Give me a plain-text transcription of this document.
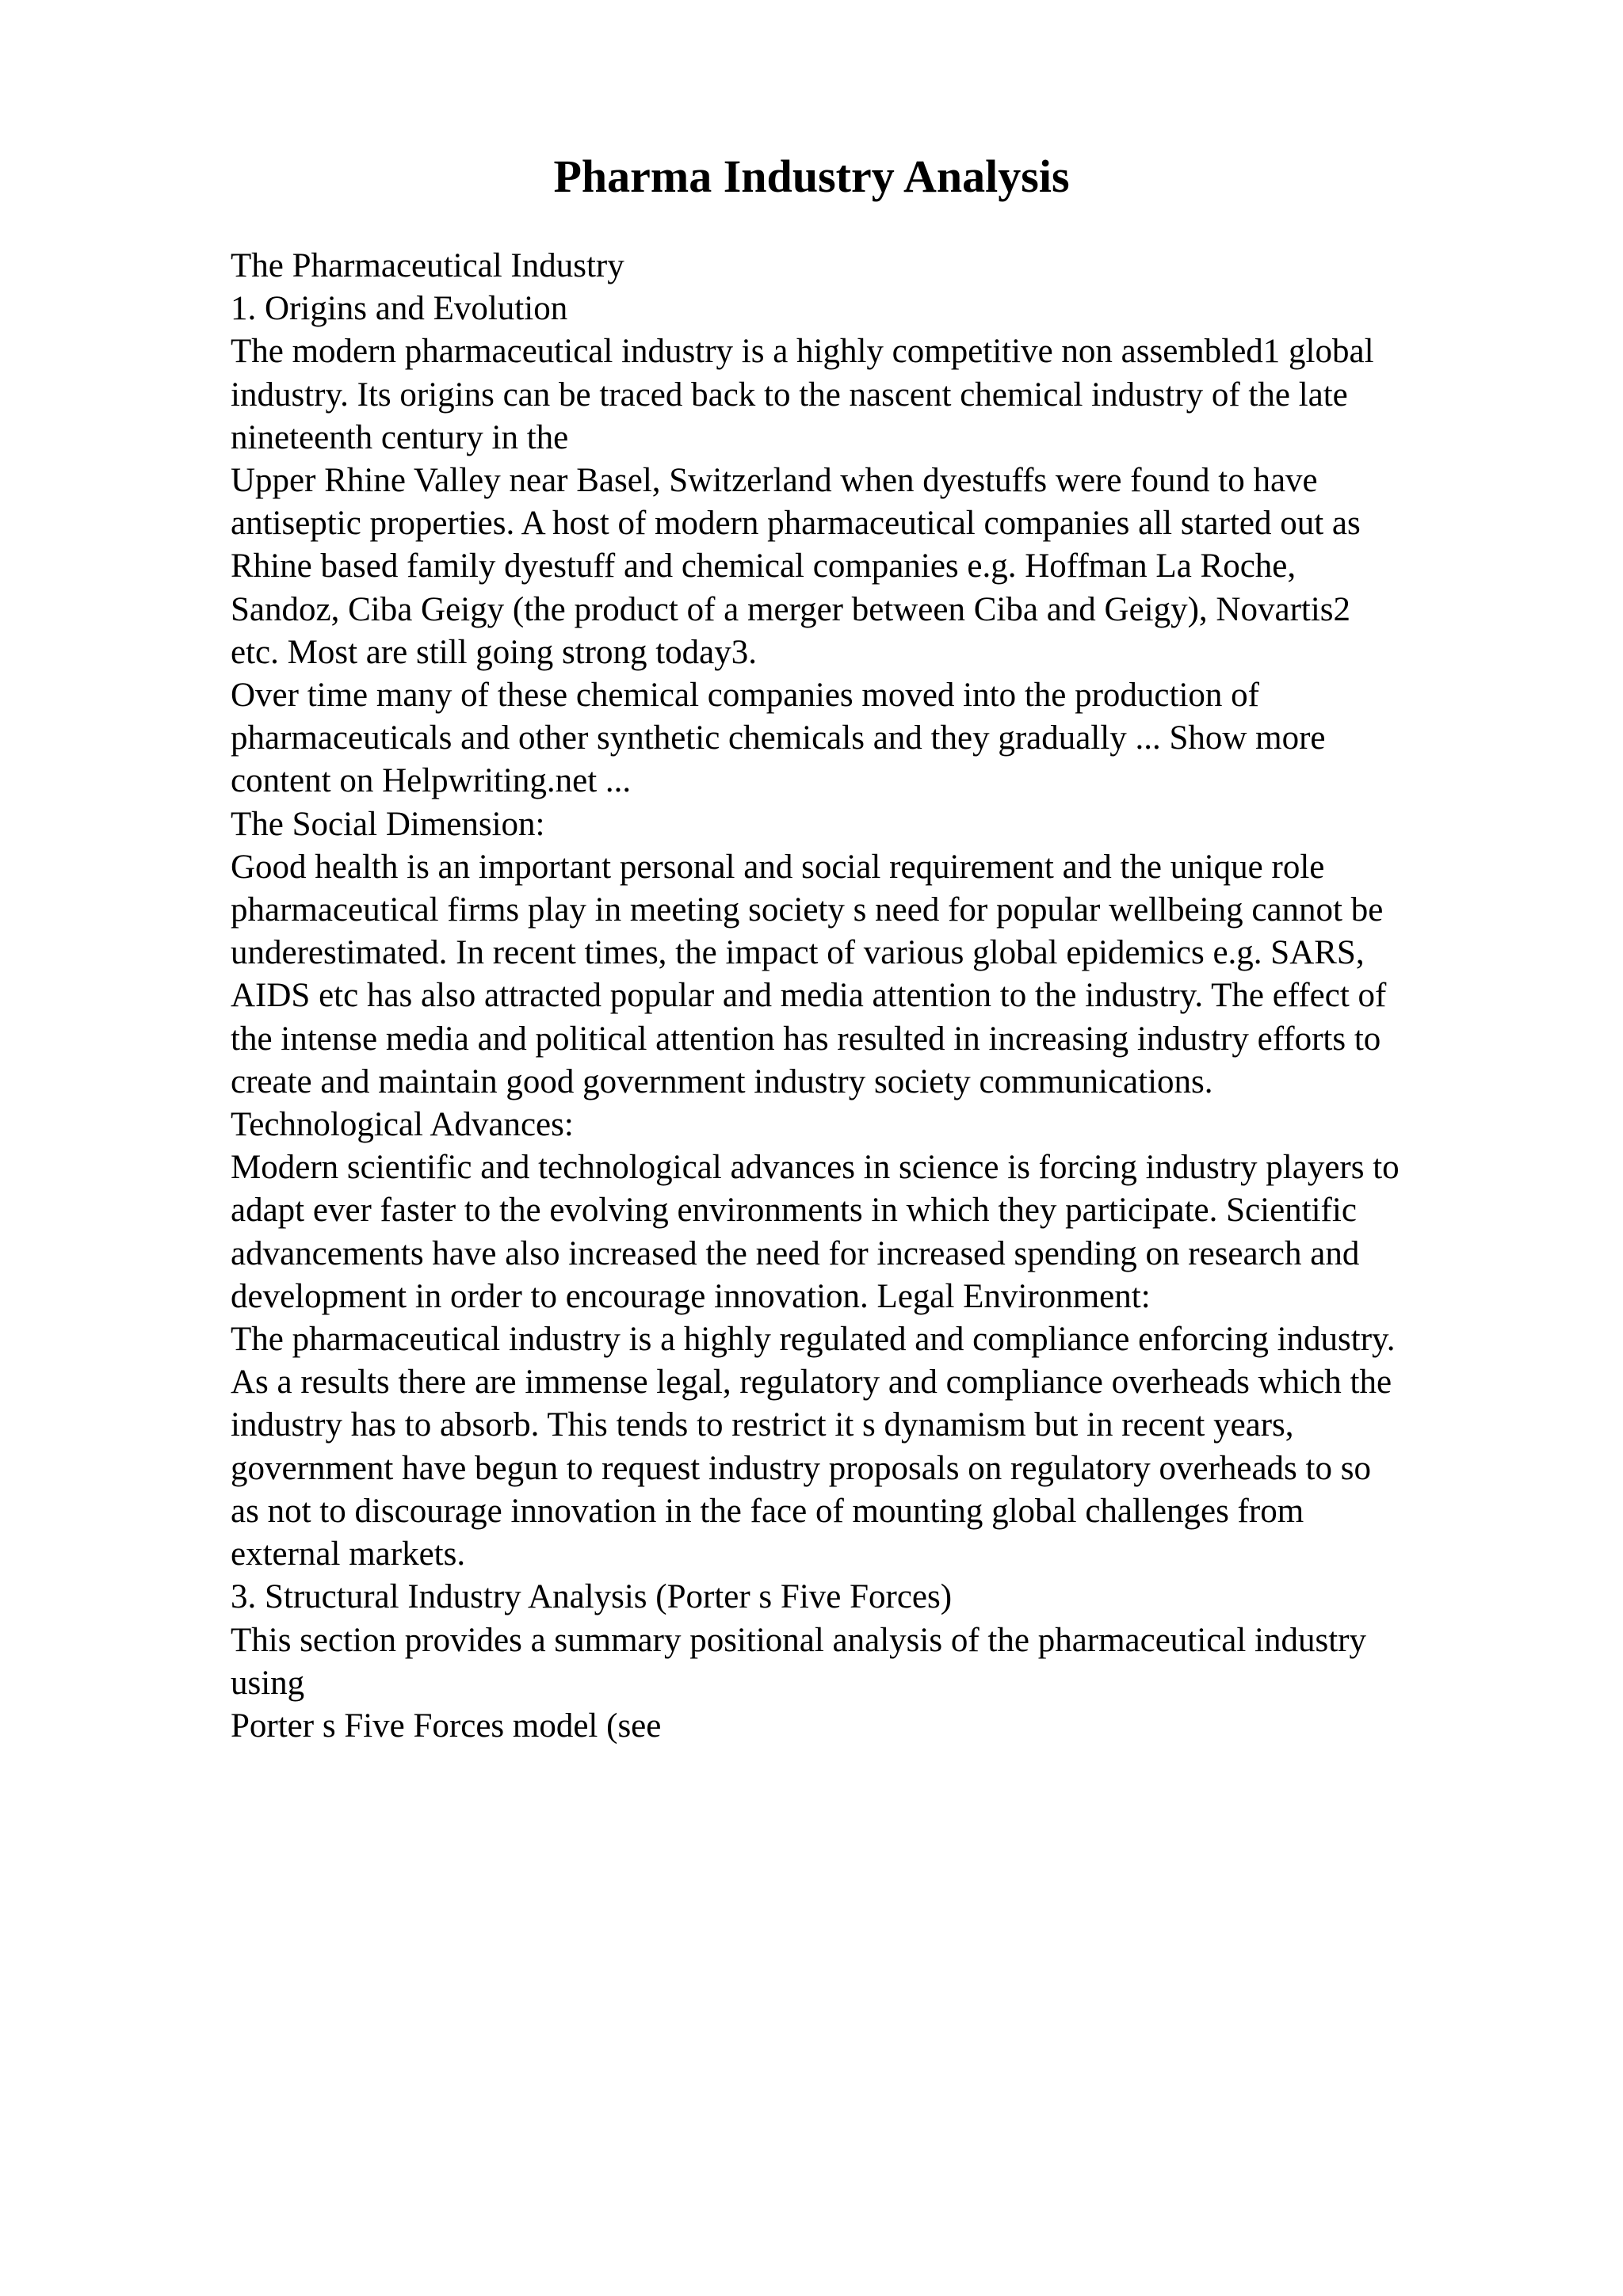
Pharma Industry Analysis
The Pharmaceutical Industry
1. Origins and Evolution
The modern pharmaceutical industry is a highly competitive non assembled1 global
industry. Its origins can be traced back to the nascent chemical industry of the late
nineteenth century in the
Upper Rhine Valley near Basel, Switzerland when dyestuffs were found to have
antiseptic properties. A host of modern pharmaceutical companies all started out as
Rhine based family dyestuff and chemical companies e.g. Hoffman La Roche,
Sandoz, Ciba Geigy (the product of a merger between Ciba and Geigy), Novartis2
etc. Most are still going strong today3.
Over time many of these chemical companies moved into the production of
pharmaceuticals and other synthetic chemicals and they gradually ... Show more
content on Helpwriting.net ...
The Social Dimension:
Good health is an important personal and social requirement and the unique role
pharmaceutical firms play in meeting society s need for popular wellbeing cannot be
underestimated. In recent times, the impact of various global epidemics e.g. SARS,
AIDS etc has also attracted popular and media attention to the industry. The effect of
the intense media and political attention has resulted in increasing industry efforts to
create and maintain good government industry society communications.
Technological Advances:
Modern scientific and technological advances in science is forcing industry players to
adapt ever faster to the evolving environments in which they participate. Scientific
advancements have also increased the need for increased spending on research and
development in order to encourage innovation. Legal Environment:
The pharmaceutical industry is a highly regulated and compliance enforcing industry.
As a results there are immense legal, regulatory and compliance overheads which the
industry has to absorb. This tends to restrict it s dynamism but in recent years,
government have begun to request industry proposals on regulatory overheads to so
as not to discourage innovation in the face of mounting global challenges from
external markets.
3. Structural Industry Analysis (Porter s Five Forces)
This section provides a summary positional analysis of the pharmaceutical industry
using
Porter s Five Forces model (see
